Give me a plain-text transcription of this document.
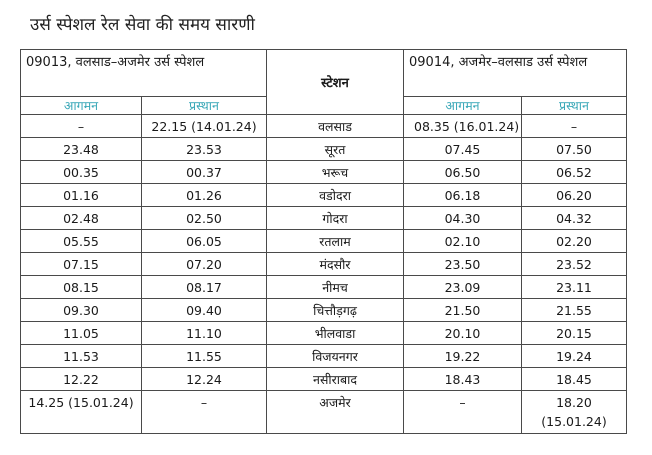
उर्स स्पेशल रेल सेवा की समय सारणी
09013, वलसाड–अजमेर उर्स स्पेशल		स्टेशन	09014, अजमेर–वलसाड उर्स स्पेशल	
आगमन	प्रस्थान		आगमन	प्रस्थान
–	22.15 (14.01.24)	वलसाड	08.35 (16.01.24)	–
23.48	23.53	सूरत	07.45	07.50
00.35	00.37	भरूच	06.50	06.52
01.16	01.26	वडोदरा	06.18	06.20
02.48	02.50	गोदरा	04.30	04.32
05.55	06.05	रतलाम	02.10	02.20
07.15	07.20	मंदसौर	23.50	23.52
08.15	08.17	नीमच	23.09	23.11
09.30	09.40	चित्तौड़गढ़	21.50	21.55
11.05	11.10	भीलवाडा	20.10	20.15
11.53	11.55	विजयनगर	19.22	19.24
12.22	12.24	नसीराबाद	18.43	18.45
14.25 (15.01.24)	–	अजमेर	–	18.20 (15.01.24)
